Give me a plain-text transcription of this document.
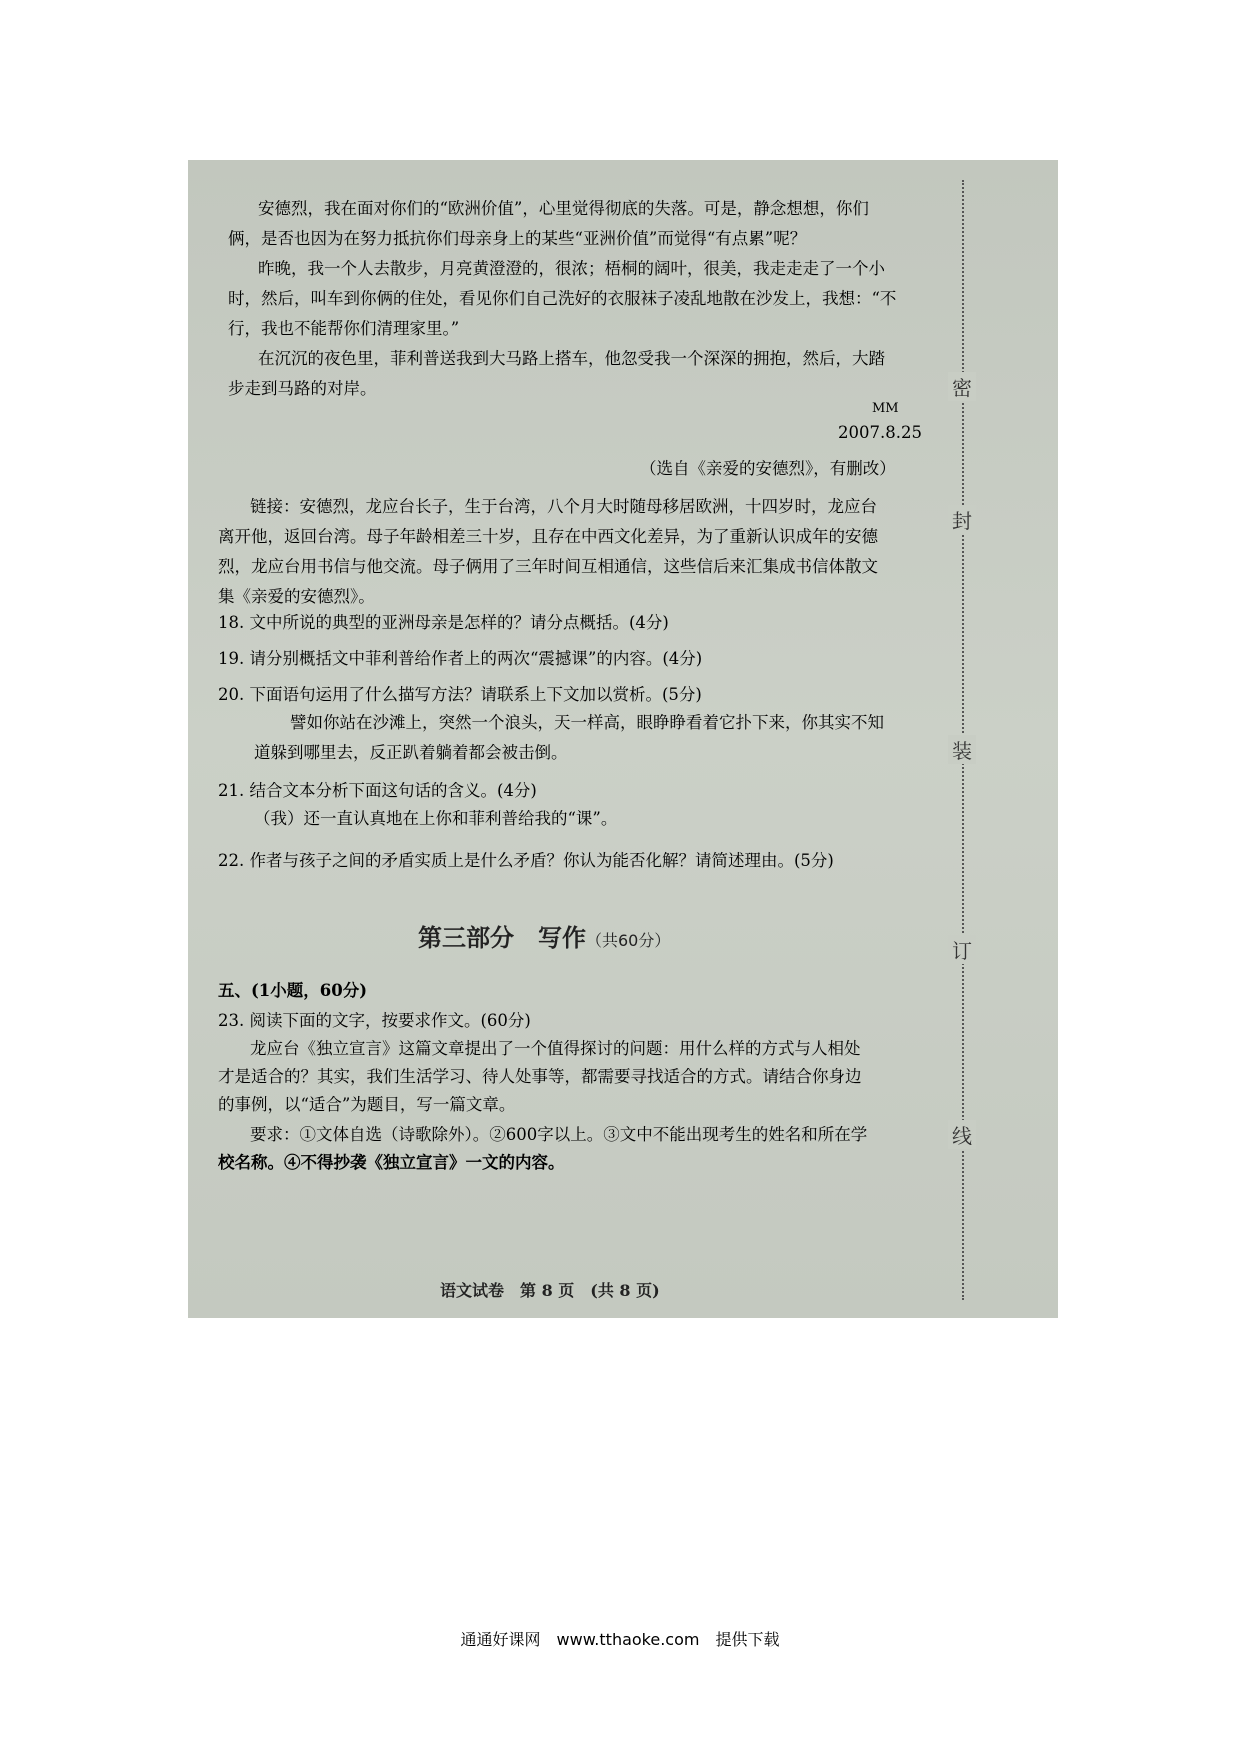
密
封
装
订
线
安德烈，我在面对你们的“欧洲价值”，心里觉得彻底的失落。可是，静念想想，你们
俩，是否也因为在努力抵抗你们母亲身上的某些“亚洲价值”而觉得“有点累”呢？
昨晚，我一个人去散步，月亮黄澄澄的，很浓；梧桐的阔叶，很美，我走走走了一个小
时，然后，叫车到你俩的住处，看见你们自己洗好的衣服袜子凌乱地散在沙发上，我想：“不
行，我也不能帮你们清理家里。”
在沉沉的夜色里，菲利普送我到大马路上搭车，他忽受我一个深深的拥抱，然后，大踏
步走到马路的对岸。
MM
2007.8.25
（选自《亲爱的安德烈》，有删改）
链接：安德烈，龙应台长子，生于台湾，八个月大时随母移居欧洲，十四岁时，龙应台
离开他，返回台湾。母子年龄相差三十岁，且存在中西文化差异，为了重新认识成年的安德
烈，龙应台用书信与他交流。母子俩用了三年时间互相通信，这些信后来汇集成书信体散文
集《亲爱的安德烈》。
18. 文中所说的典型的亚洲母亲是怎样的？请分点概括。(4分)
19. 请分别概括文中菲利普给作者上的两次“震撼课”的内容。(4分)
20. 下面语句运用了什么描写方法？请联系上下文加以赏析。(5分)
譬如你站在沙滩上，突然一个浪头，天一样高，眼睁睁看着它扑下来，你其实不知
道躲到哪里去，反正趴着躺着都会被击倒。
21. 结合文本分析下面这句话的含义。(4分)
（我）还一直认真地在上你和菲利普给我的“课”。
22. 作者与孩子之间的矛盾实质上是什么矛盾？你认为能否化解？请简述理由。(5分)
第三部分　写作（共60分）
五、(1小题，60分)
23. 阅读下面的文字，按要求作文。(60分)
龙应台《独立宣言》这篇文章提出了一个值得探讨的问题：用什么样的方式与人相处
才是适合的？其实，我们生活学习、待人处事等，都需要寻找适合的方式。请结合你身边
的事例，以“适合”为题目，写一篇文章。
要求：①文体自选（诗歌除外）。②600字以上。③文中不能出现考生的姓名和所在学
校名称。④不得抄袭《独立宣言》一文的内容。
语文试卷　第 8 页　(共 8 页)
通通好课网　www.tthaoke.com　提供下载
